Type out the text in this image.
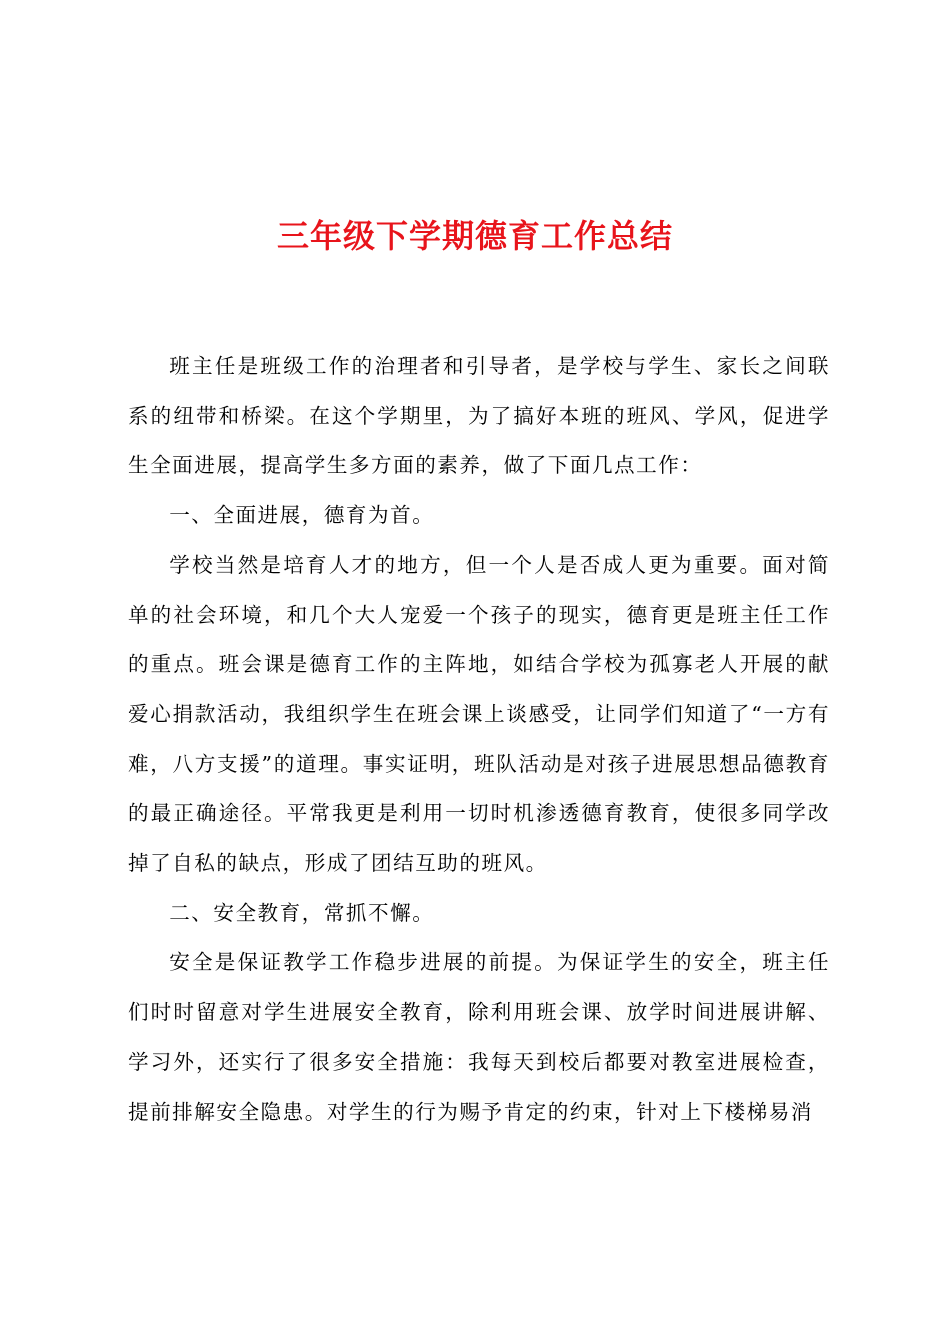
三年级下学期德育工作总结

班主任是班级工作的治理者和引导者，是学校与学生、家长之间联系的纽带和桥梁。在这个学期里，为了搞好本班的班风、学风，促进学生全面进展，提高学生多方面的素养，做了下面几点工作：

一、全面进展，德育为首。

学校当然是培育人才的地方，但一个人是否成人更为重要。面对简单的社会环境，和几个大人宠爱一个孩子的现实，德育更是班主任工作的重点。班会课是德育工作的主阵地，如结合学校为孤寡老人开展的献爱心捐款活动，我组织学生在班会课上谈感受，让同学们知道了“一方有难，八方支援”的道理。事实证明，班队活动是对孩子进展思想品德教育的最正确途径。平常我更是利用一切时机渗透德育教育，使很多同学改掉了自私的缺点，形成了团结互助的班风。

二、安全教育，常抓不懈。

安全是保证教学工作稳步进展的前提。为保证学生的安全，班主任们时时留意对学生进展安全教育，除利用班会课、放学时间进展讲解、学习外，还实行了很多安全措施：我每天到校后都要对教室进展检查，提前排解安全隐患。对学生的行为赐予肯定的约束，针对上下楼梯易消
